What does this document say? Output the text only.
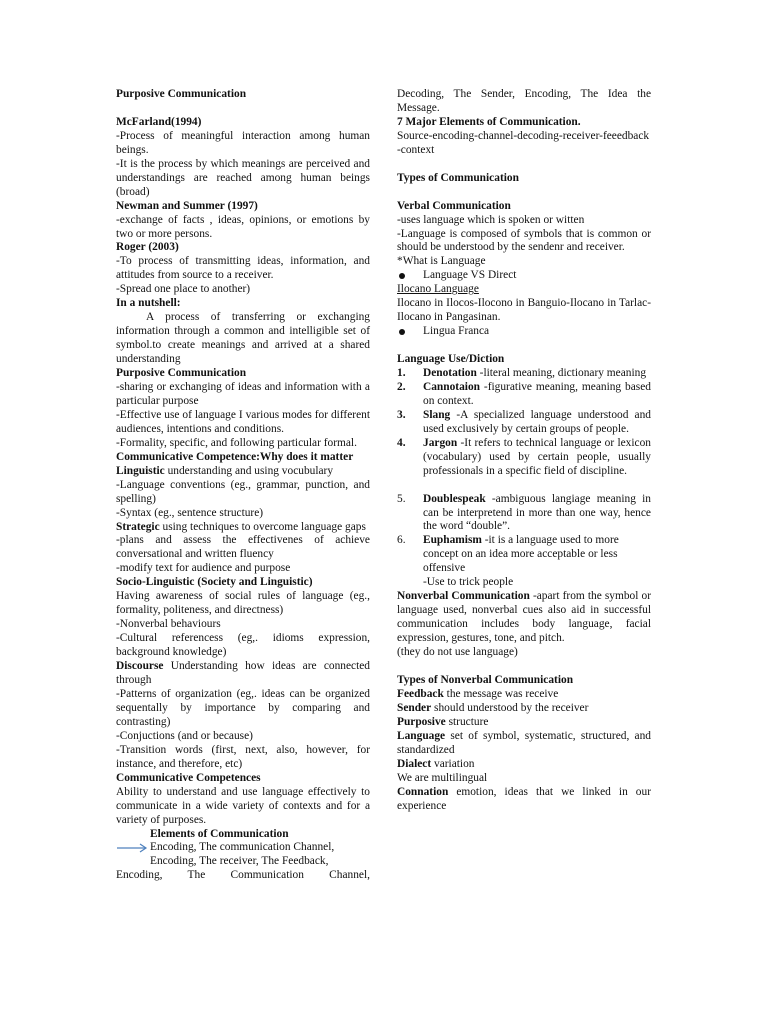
Purposive Communication

McFarland(1994)

-Process of meaningful interaction among human beings.

-It is the process by which meanings are perceived and understandings are reached among human beings (broad)

Newman and Summer (1997)

-exchange of facts , ideas, opinions, or emotions by two or more persons.

Roger (2003)

-To process of transmitting ideas, information, and attitudes from source to a receiver.

-Spread one place to another)

In a nutshell:

A process of transferring or exchanging information through a common and intelligible set of symbol.to create meanings and arrived at a shared understanding

Purposive Communication

-sharing or exchanging of ideas and information with a particular purpose

-Effective use of language I various modes for different audiences, intentions and conditions.

-Formality, specific, and following particular formal.

Communicative Competence:Why does it matter

Linguistic understanding and using vocubulary

-Language conventions (eg., grammar, punction, and spelling)

-Syntax (eg., sentence structure)

Strategic using techniques to overcome language gaps

-plans and assess the effectivenes of achieve conversational and written fluency

-modify text for audience and purpose

Socio-Linguistic (Society and Linguistic)

Having awareness of social rules of language (eg., formality, politeness, and directness)

-Nonverbal behaviours

-Cultural referencess (eg,. idioms expression, background knowledge)

Discourse Understanding how ideas are connected through

-Patterns of organization (eg,. ideas can be organized sequentally by importance by comparing and contrasting)

-Conjuctions (and or because)

-Transition words (first, next, also, however, for instance, and therefore, etc)

Communicative Competences

Ability to understand and use language effectively to communicate in a wide variety of contexts and for a variety of purposes.

Elements of Communication

Encoding, The communication Channel,

Encoding, The receiver, The Feedback,

Encoding, The Communication Channel,

Decoding, The Sender, Encoding, The Idea the Message.

7 Major Elements of Communication.

Source-encoding-channel-decoding-receiver-feeedback-context

Types of Communication

Verbal Communication

-uses language which is spoken or witten

-Language is composed of symbols that is common or should be understood by the sendenr and receiver.

*What is Language

Language VS Direct

Ilocano Language

Ilocano in Ilocos-Ilocono in Banguio-Ilocano in Tarlac-Ilocano in Pangasinan.

Lingua Franca

Language Use/Diction

1.	Denotation -literal meaning, dictionary meaning

2.	Cannotaion -figurative meaning, meaning based on context.

3.	Slang -A specialized language understood and used exclusively by certain groups of people.

4.	Jargon -It refers to technical language or lexicon (vocabulary) used by certain people, usually professionals in a specific field of discipline.

5.	Doublespeak -ambiguous langiage meaning in can be interpretend in more than one way, hence the word “double”.

6.	Euphamism -it is a language used to more concept on an idea more acceptable or less offensive

-Use to trick people

Nonverbal Communication -apart from the symbol or language used, nonverbal cues also aid in successful communication includes body language, facial expression, gestures, tone, and pitch.

(they do not use language)

Types of Nonverbal Communication

Feedback the message was receive

Sender should understood by the receiver

Purposive structure

Language set of symbol, systematic, structured, and standardized

Dialect variation

We are multilingual

Connation emotion, ideas that we linked in our experience
